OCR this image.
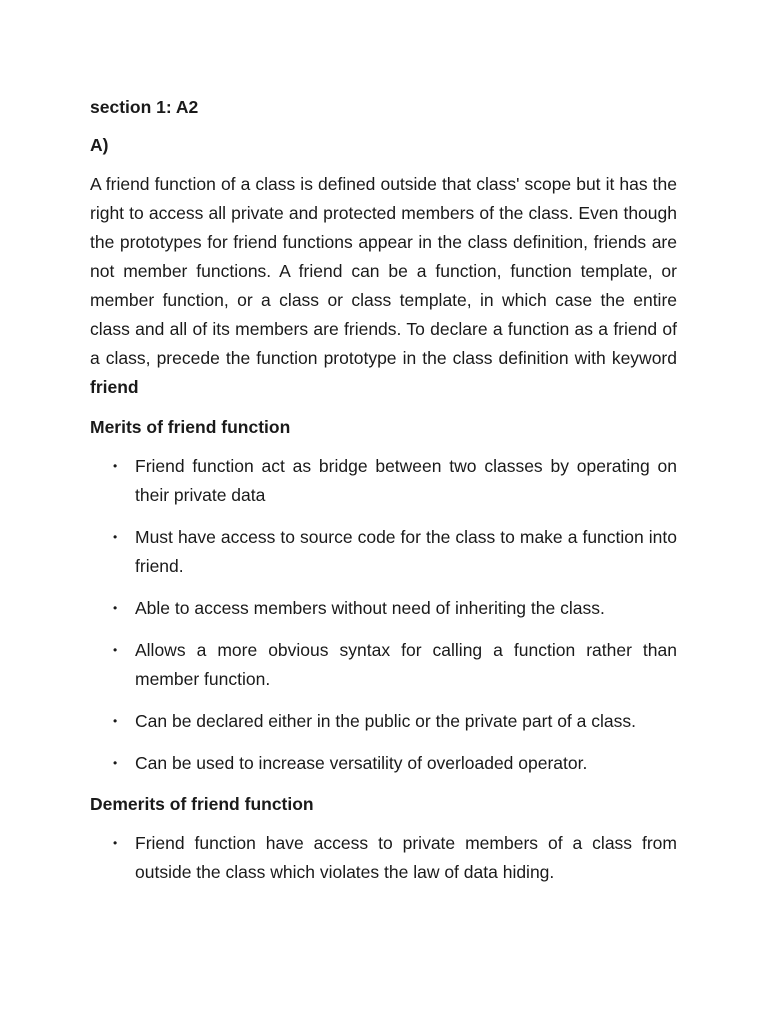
section 1: A2
A)

A friend function of a class is defined outside that class' scope but it has the right to access all private and protected members of the class. Even though the prototypes for friend functions appear in the class definition, friends are not member functions. A friend can be a function, function template, or member function, or a class or class template, in which case the entire class and all of its members are friends. To declare a function as a friend of a class, precede the function prototype in the class definition with keyword friend

Merits of friend function
• Friend function act as bridge between two classes by operating on their private data
• Must have access to source code for the class to make a function into friend.
• Able to access members without need of inheriting the class.
• Allows a more obvious syntax for calling a function rather than member function.
• Can be declared either in the public or the private part of a class.
• Can be used to increase versatility of overloaded operator.
Demerits of friend function
• Friend function have access to private members of a class from outside the class which violates the law of data hiding.
